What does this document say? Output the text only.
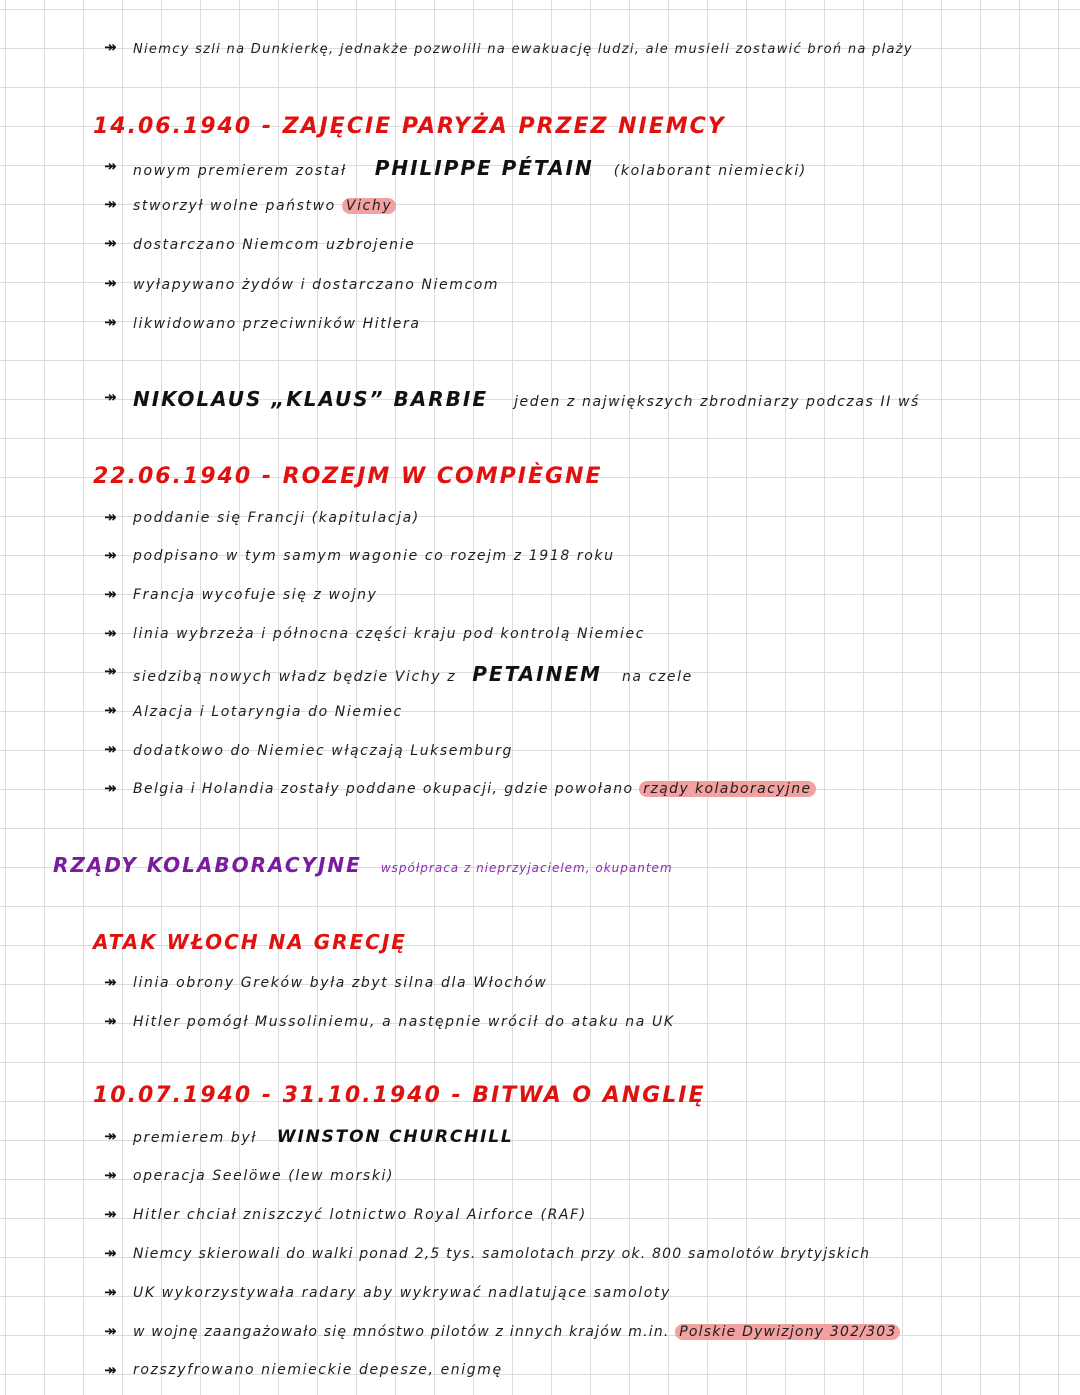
↠ Niemcy szli na Dunkierkę, jednakże pozwolili na ewakuację ludzi, ale musieli zostawić broń na plaży
14.06.1940 - ZAJĘCIE PARYŻA PRZEZ NIEMCY
↠ nowym premierem został PHILIPPE PÉTAIN (kolaborant niemiecki)
↠ stworzył wolne państwo Vichy
↠ dostarczano Niemcom uzbrojenie
↠ wyłapywano żydów i dostarczano Niemcom
↠ likwidowano przeciwników Hitlera
↠ NIKOLAUS „KLAUS” BARBIE jeden z największych zbrodniarzy podczas II wś
22.06.1940 - ROZEJM W COMPIÈGNE
↠ poddanie się Francji (kapitulacja)
↠ podpisano w tym samym wagonie co rozejm z 1918 roku
↠ Francja wycofuje się z wojny
↠ linia wybrzeża i północna części kraju pod kontrolą Niemiec
↠ siedzibą nowych władz będzie Vichy z PETAINEM na czele
↠ Alzacja i Lotaryngia do Niemiec
↠ dodatkowo do Niemiec włączają Luksemburg
↠ Belgia i Holandia zostały poddane okupacji, gdzie powołano rządy kolaboracyjne
RZĄDY KOLABORACYJNE współpraca z nieprzyjacielem, okupantem
ATAK WŁOCH NA GRECJĘ
↠ linia obrony Greków była zbyt silna dla Włochów
↠ Hitler pomógł Mussoliniemu, a następnie wrócił do ataku na UK
10.07.1940 - 31.10.1940 - BITWA O ANGLIĘ
↠ premierem był WINSTON CHURCHILL
↠ operacja Seelöwe (lew morski)
↠ Hitler chciał zniszczyć lotnictwo Royal Airforce (RAF)
↠ Niemcy skierowali do walki ponad 2,5 tys. samolotach przy ok. 800 samolotów brytyjskich
↠ UK wykorzystywała radary aby wykrywać nadlatujące samoloty
↠ w wojnę zaangażowało się mnóstwo pilotów z innych krajów m.in. Polskie Dywizjony 302/303
↠ rozszyfrowano niemieckie depesze, enigmę
